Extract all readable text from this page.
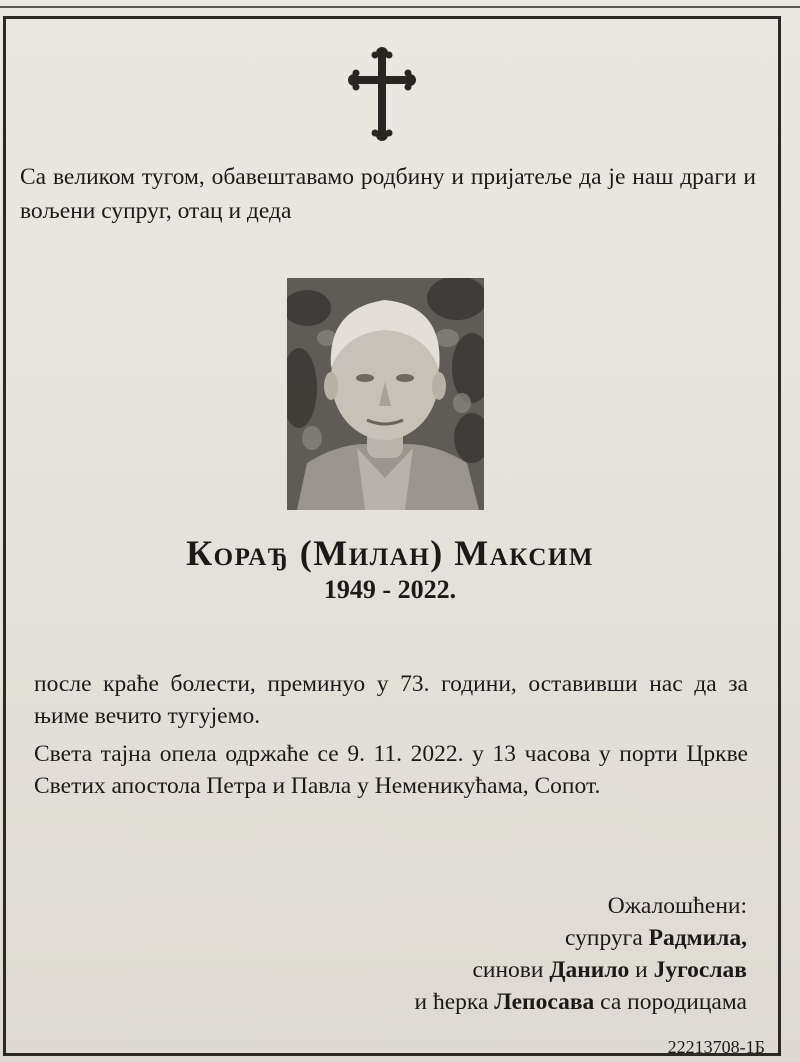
Са великом тугом, обавештавамо родбину и пријатеље да је наш драги и вољени супруг, отац и деда

Корађ (Милан) Максим
1949 - 2022.

после краће болести, преминуо у 73. години, оставивши нас да за њиме вечито тугујемо.

Света тајна опела одржаће се 9. 11. 2022. у 13 часова у порти Цркве Светих апостола Петра и Павла у Неменикућама, Сопот.

Ожалошћени:
супруга Радмила,
синови Данило и Југослав
и ћерка Лепосава са породицама
22213708-1Б
